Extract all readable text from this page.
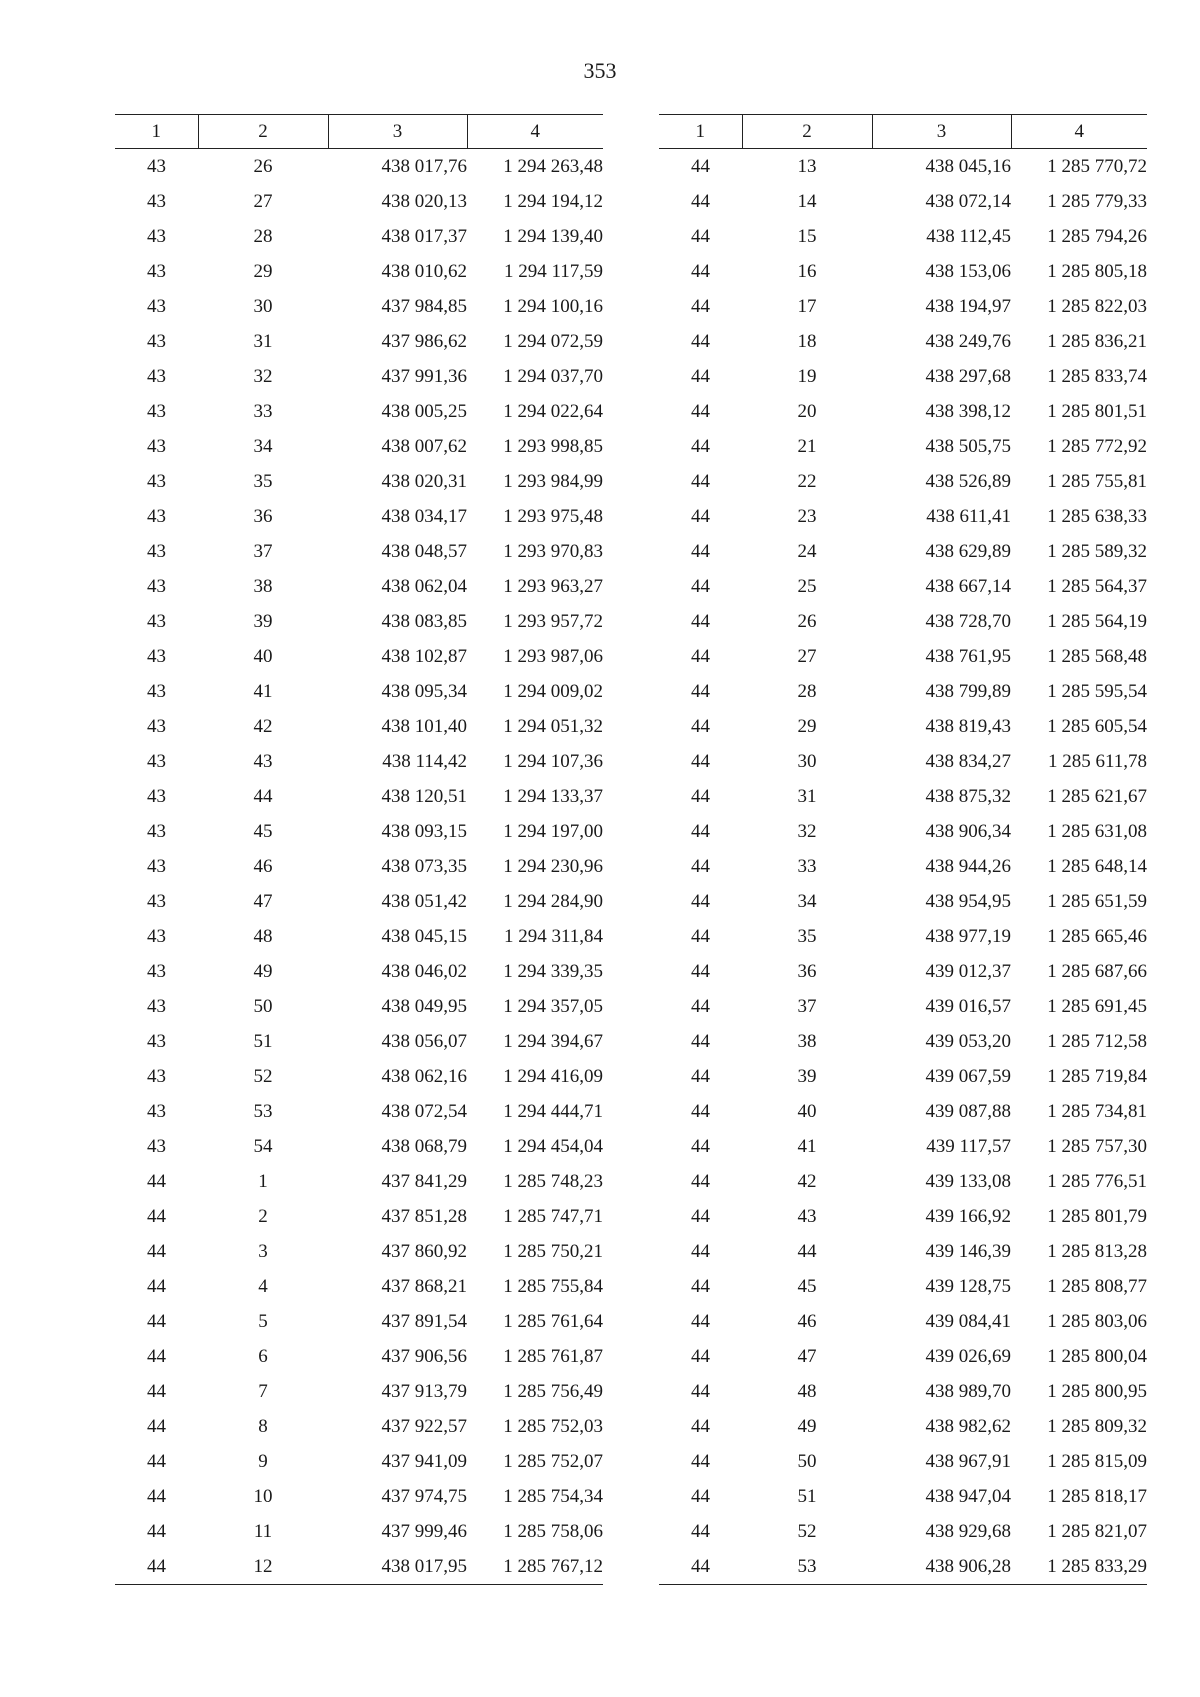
353
1	2	3	4
43	26	438 017,76	1 294 263,48
43	27	438 020,13	1 294 194,12
43	28	438 017,37	1 294 139,40
43	29	438 010,62	1 294 117,59
43	30	437 984,85	1 294 100,16
43	31	437 986,62	1 294 072,59
43	32	437 991,36	1 294 037,70
43	33	438 005,25	1 294 022,64
43	34	438 007,62	1 293 998,85
43	35	438 020,31	1 293 984,99
43	36	438 034,17	1 293 975,48
43	37	438 048,57	1 293 970,83
43	38	438 062,04	1 293 963,27
43	39	438 083,85	1 293 957,72
43	40	438 102,87	1 293 987,06
43	41	438 095,34	1 294 009,02
43	42	438 101,40	1 294 051,32
43	43	438 114,42	1 294 107,36
43	44	438 120,51	1 294 133,37
43	45	438 093,15	1 294 197,00
43	46	438 073,35	1 294 230,96
43	47	438 051,42	1 294 284,90
43	48	438 045,15	1 294 311,84
43	49	438 046,02	1 294 339,35
43	50	438 049,95	1 294 357,05
43	51	438 056,07	1 294 394,67
43	52	438 062,16	1 294 416,09
43	53	438 072,54	1 294 444,71
43	54	438 068,79	1 294 454,04
44	1	437 841,29	1 285 748,23
44	2	437 851,28	1 285 747,71
44	3	437 860,92	1 285 750,21
44	4	437 868,21	1 285 755,84
44	5	437 891,54	1 285 761,64
44	6	437 906,56	1 285 761,87
44	7	437 913,79	1 285 756,49
44	8	437 922,57	1 285 752,03
44	9	437 941,09	1 285 752,07
44	10	437 974,75	1 285 754,34
44	11	437 999,46	1 285 758,06
44	12	438 017,95	1 285 767,12
1	2	3	4
44	13	438 045,16	1 285 770,72
44	14	438 072,14	1 285 779,33
44	15	438 112,45	1 285 794,26
44	16	438 153,06	1 285 805,18
44	17	438 194,97	1 285 822,03
44	18	438 249,76	1 285 836,21
44	19	438 297,68	1 285 833,74
44	20	438 398,12	1 285 801,51
44	21	438 505,75	1 285 772,92
44	22	438 526,89	1 285 755,81
44	23	438 611,41	1 285 638,33
44	24	438 629,89	1 285 589,32
44	25	438 667,14	1 285 564,37
44	26	438 728,70	1 285 564,19
44	27	438 761,95	1 285 568,48
44	28	438 799,89	1 285 595,54
44	29	438 819,43	1 285 605,54
44	30	438 834,27	1 285 611,78
44	31	438 875,32	1 285 621,67
44	32	438 906,34	1 285 631,08
44	33	438 944,26	1 285 648,14
44	34	438 954,95	1 285 651,59
44	35	438 977,19	1 285 665,46
44	36	439 012,37	1 285 687,66
44	37	439 016,57	1 285 691,45
44	38	439 053,20	1 285 712,58
44	39	439 067,59	1 285 719,84
44	40	439 087,88	1 285 734,81
44	41	439 117,57	1 285 757,30
44	42	439 133,08	1 285 776,51
44	43	439 166,92	1 285 801,79
44	44	439 146,39	1 285 813,28
44	45	439 128,75	1 285 808,77
44	46	439 084,41	1 285 803,06
44	47	439 026,69	1 285 800,04
44	48	438 989,70	1 285 800,95
44	49	438 982,62	1 285 809,32
44	50	438 967,91	1 285 815,09
44	51	438 947,04	1 285 818,17
44	52	438 929,68	1 285 821,07
44	53	438 906,28	1 285 833,29
